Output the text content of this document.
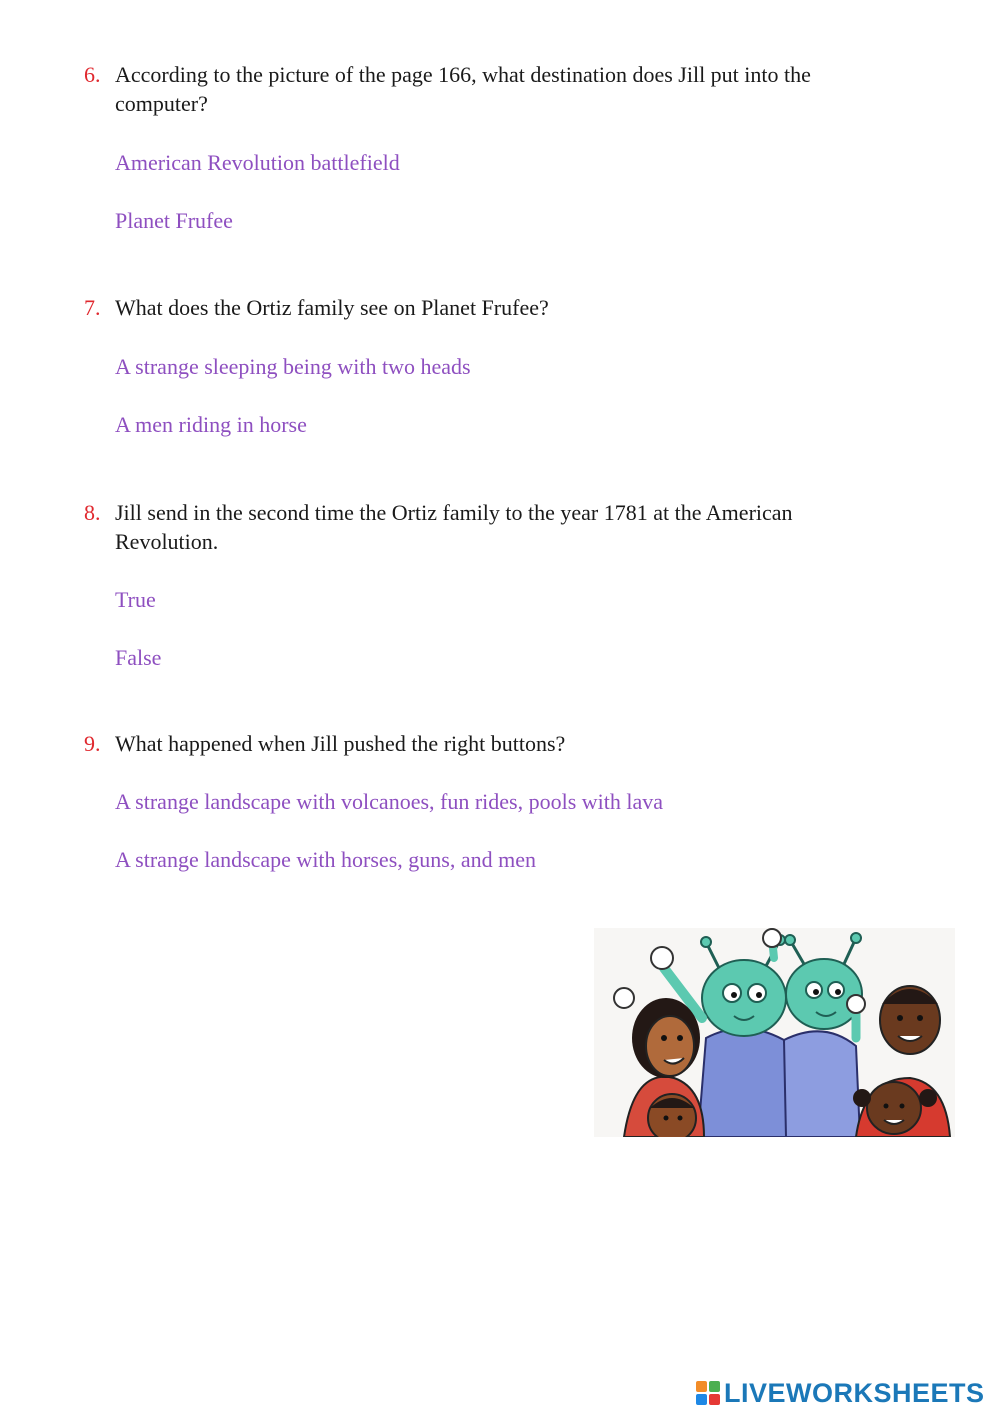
6. According to the picture of the page 166, what destination does Jill put into the computer?
American Revolution battlefield
Planet Frufee
7. What does the Ortiz family see on Planet Frufee?
A strange sleeping being with two heads
A men riding in horse
8. Jill send in the second time the Ortiz family to the year 1781 at the American Revolution.
True
False
9. What happened when Jill pushed the right buttons?
A strange landscape with volcanoes, fun rides, pools with lava
A strange landscape with horses, guns, and men
LIVEWORKSHEETS
